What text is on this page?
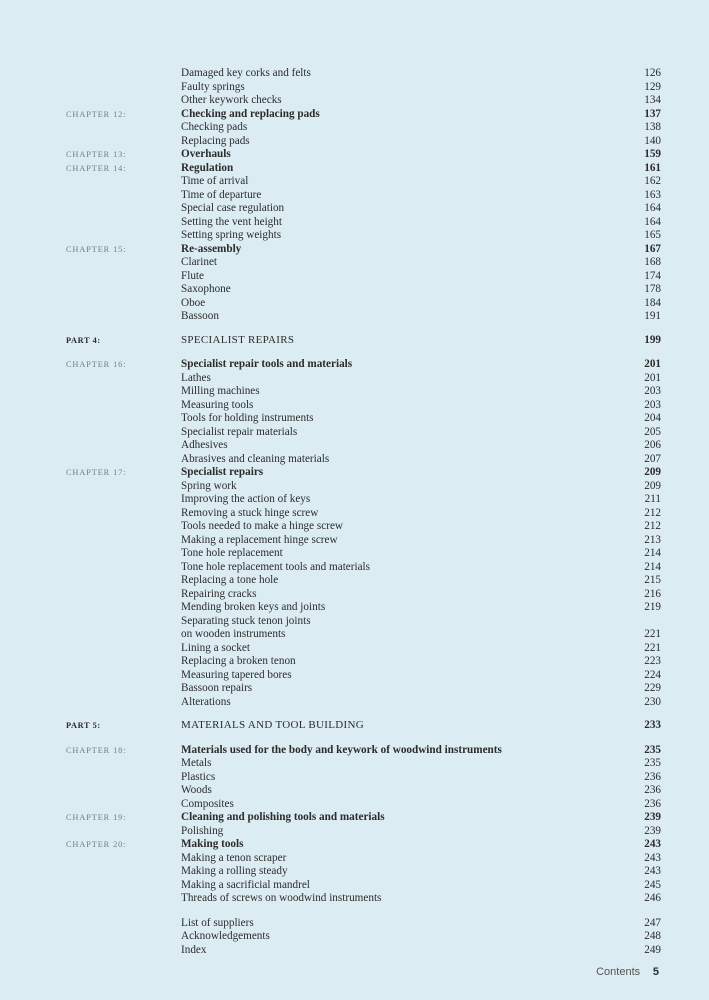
Damaged key corks and felts	126
Faulty springs	129
Other keywork checks	134
CHAPTER 12:	Checking and replacing pads	137
Checking pads	138
Replacing pads	140
CHAPTER 13:	Overhauls	159
CHAPTER 14:	Regulation	161
Time of arrival	162
Time of departure	163
Special case regulation	164
Setting the vent height	164
Setting spring weights	165
CHAPTER 15:	Re-assembly	167
Clarinet	168
Flute	174
Saxophone	178
Oboe	184
Bassoon	191
PART 4:	SPECIALIST REPAIRS	199
CHAPTER 16:	Specialist repair tools and materials	201
Lathes	201
Milling machines	203
Measuring tools	203
Tools for holding instruments	204
Specialist repair materials	205
Adhesives	206
Abrasives and cleaning materials	207
CHAPTER 17:	Specialist repairs	209
Spring work	209
Improving the action of keys	211
Removing a stuck hinge screw	212
Tools needed to make a hinge screw	212
Making a replacement hinge screw	213
Tone hole replacement	214
Tone hole replacement tools and materials	214
Replacing a tone hole	215
Repairing cracks	216
Mending broken keys and joints	219
Separating stuck tenon joints
on wooden instruments	221
Lining a socket	221
Replacing a broken tenon	223
Measuring tapered bores	224
Bassoon repairs	229
Alterations	230
PART 5:	MATERIALS AND TOOL BUILDING	233
CHAPTER 18:	Materials used for the body and keywork of woodwind instruments	235
Metals	235
Plastics	236
Woods	236
Composites	236
CHAPTER 19:	Cleaning and polishing tools and materials	239
Polishing	239
CHAPTER 20:	Making tools	243
Making a tenon scraper	243
Making a rolling steady	243
Making a sacrificial mandrel	245
Threads of screws on woodwind instruments	246
List of suppliers	247
Acknowledgements	248
Index	249
Contents 5
